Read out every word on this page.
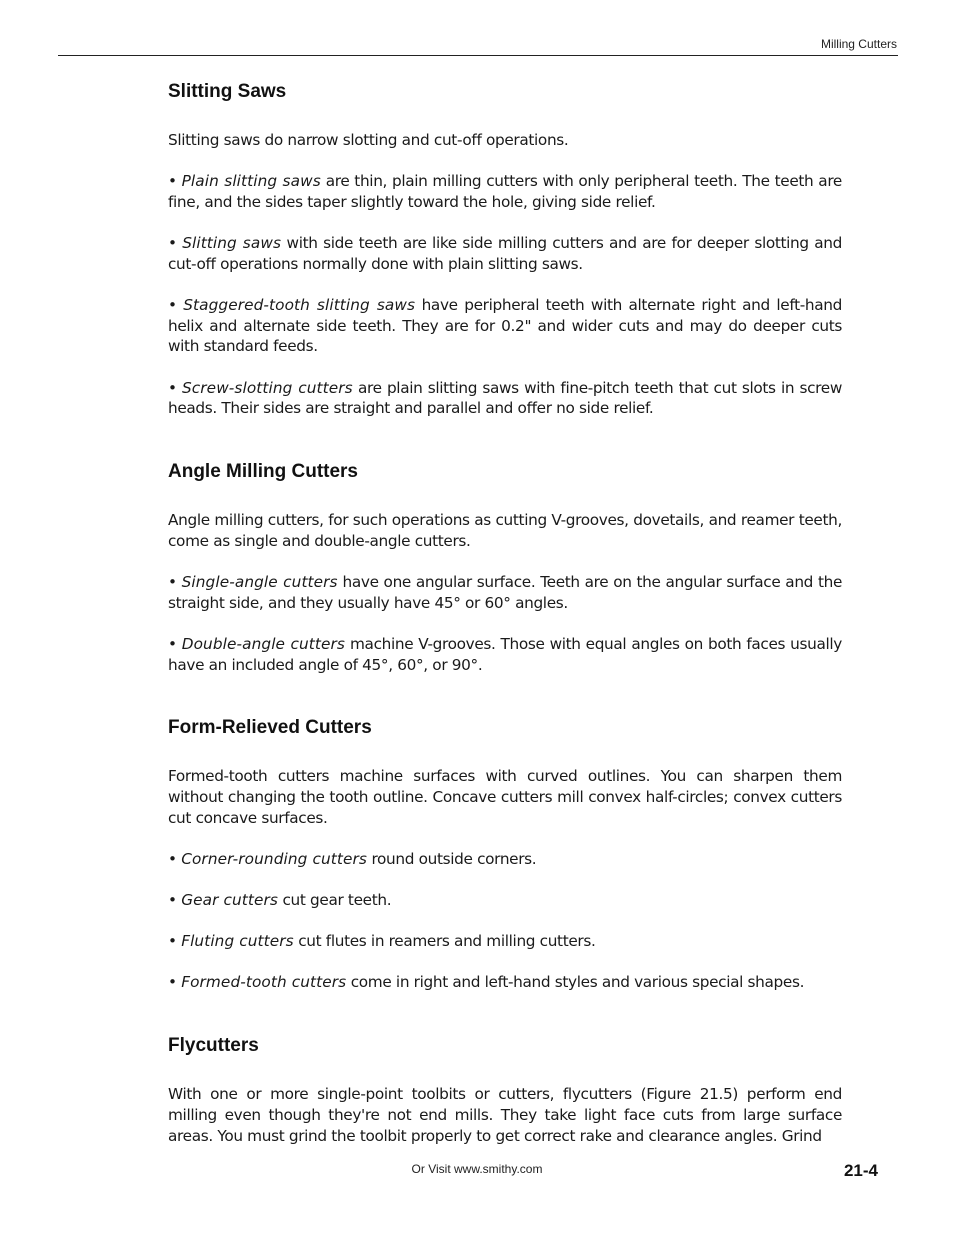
Milling Cutters
Slitting Saws

Slitting saws do narrow slotting and cut-off operations.

• Plain slitting saws are thin, plain milling cutters with only peripheral teeth. The teeth are fine, and the sides taper slightly toward the hole, giving side relief.

• Slitting saws with side teeth are like side milling cutters and are for deeper slotting and cut-off operations normally done with plain slitting saws.

• Staggered-tooth slitting saws have peripheral teeth with alternate right and left-hand helix and alternate side teeth. They are for 0.2" and wider cuts and may do deeper cuts with standard feeds.

• Screw-slotting cutters are plain slitting saws with fine-pitch teeth that cut slots in screw heads. Their sides are straight and parallel and offer no side relief.

Angle Milling Cutters

Angle milling cutters, for such operations as cutting V-grooves, dovetails, and reamer teeth, come as single and double-angle cutters.

• Single-angle cutters have one angular surface. Teeth are on the angular surface and the straight side, and they usually have 45° or 60° angles.

• Double-angle cutters machine V-grooves. Those with equal angles on both faces usually have an included angle of 45°, 60°, or 90°.

Form-Relieved Cutters

Formed-tooth cutters machine surfaces with curved outlines. You can sharpen them without changing the tooth outline. Concave cutters mill convex half-circles; convex cutters cut concave surfaces.

• Corner-rounding cutters round outside corners.

• Gear cutters cut gear teeth.

• Fluting cutters cut flutes in reamers and milling cutters.

• Formed-tooth cutters come in right and left-hand styles and various special shapes.

Flycutters

With one or more single-point toolbits or cutters, flycutters (Figure 21.5) perform end milling even though they're not end mills. They take light face cuts from large surface areas. You must grind the toolbit properly to get correct rake and clearance angles. Grind

Or Visit www.smithy.com	21-4
